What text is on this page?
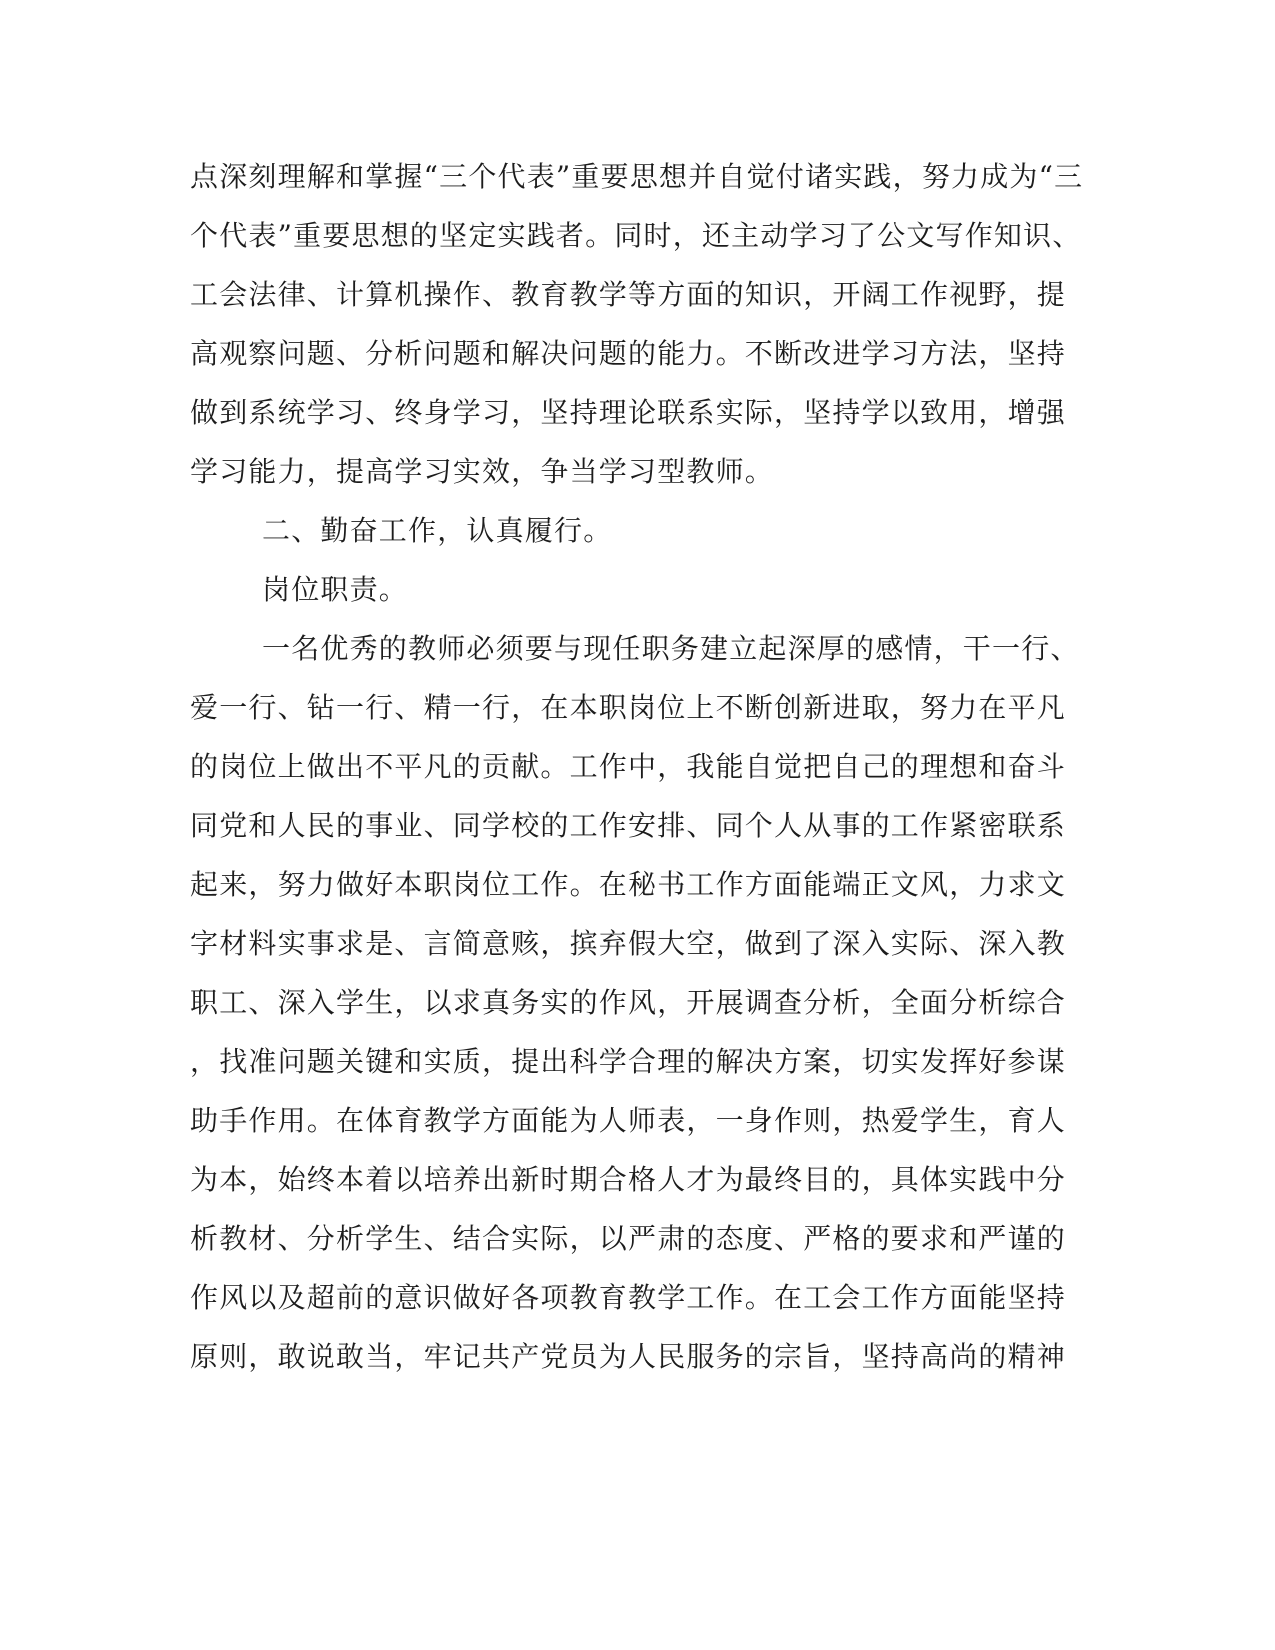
点深刻理解和掌握“三个代表”重要思想并自觉付诸实践，努力成为“三
个代表”重要思想的坚定实践者。同时，还主动学习了公文写作知识、
工会法律、计算机操作、教育教学等方面的知识，开阔工作视野，提
高观察问题、分析问题和解决问题的能力。不断改进学习方法，坚持
做到系统学习、终身学习，坚持理论联系实际，坚持学以致用，增强
学习能力，提高学习实效，争当学习型教师。
二、勤奋工作，认真履行。
岗位职责。
一名优秀的教师必须要与现任职务建立起深厚的感情，干一行、
爱一行、钻一行、精一行，在本职岗位上不断创新进取，努力在平凡
的岗位上做出不平凡的贡献。工作中，我能自觉把自己的理想和奋斗
同党和人民的事业、同学校的工作安排、同个人从事的工作紧密联系
起来，努力做好本职岗位工作。在秘书工作方面能端正文风，力求文
字材料实事求是、言简意赅，摈弃假大空，做到了深入实际、深入教
职工、深入学生，以求真务实的作风，开展调查分析，全面分析综合
，找准问题关键和实质，提出科学合理的解决方案，切实发挥好参谋
助手作用。在体育教学方面能为人师表，一身作则，热爱学生，育人
为本，始终本着以培养出新时期合格人才为最终目的，具体实践中分
析教材、分析学生、结合实际，以严肃的态度、严格的要求和严谨的
作风以及超前的意识做好各项教育教学工作。在工会工作方面能坚持
原则，敢说敢当，牢记共产党员为人民服务的宗旨，坚持高尚的精神
